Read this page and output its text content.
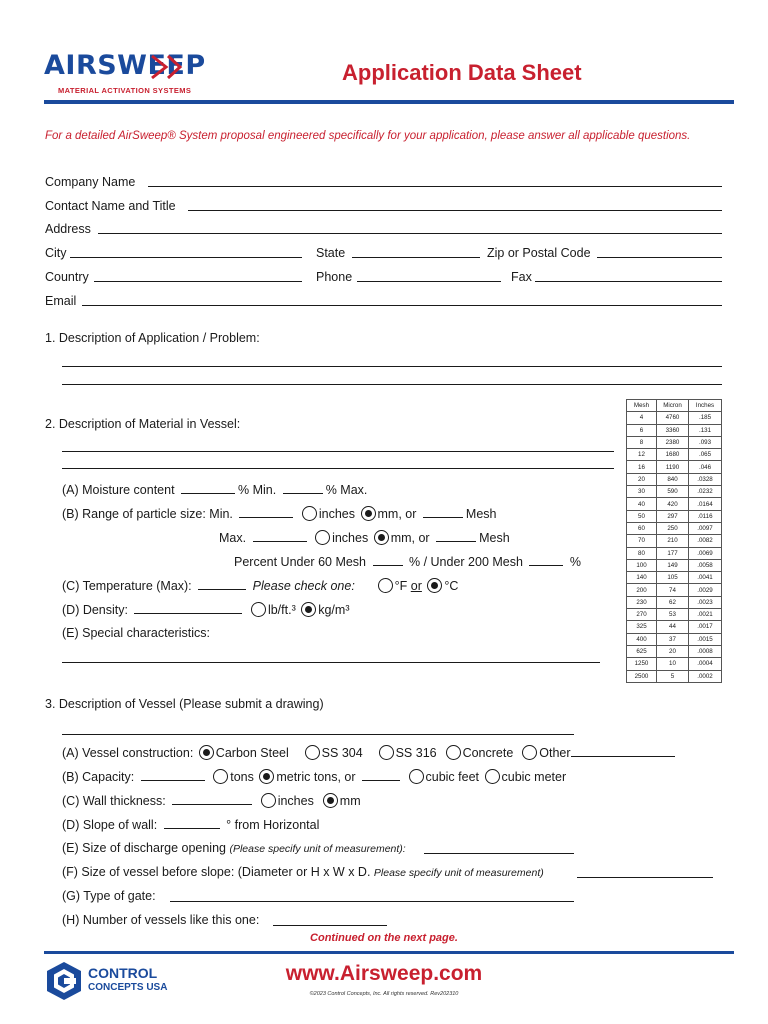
AIRSWEEP
MATERIAL ACTIVATION SYSTEMS
Application Data Sheet
For a detailed AirSweep® System proposal engineered specifically for your application, please answer all applicable questions.
Company Name
Contact Name and Title
Address
City	State	Zip or Postal Code
Country	Phone	Fax
Email
1. Description of Application / Problem:
2. Description of Material in Vessel:
(A) Moisture content	% Min.	% Max.
(B) Range of particle size: Min.	inches mm, or	Mesh
Max.	inches mm, or	Mesh
Percent Under 60 Mesh	% / Under 200 Mesh	%
(C) Temperature (Max):	Please check one:	°F or °C
(D) Density:	lb/ft.³ kg/m³
(E) Special characteristics:
Mesh	Micron	Inches
4	4760	.185
6	3360	.131
8	2380	.093
12	1680	.065
16	1190	.046
20	840	.0328
30	590	.0232
40	420	.0164
50	297	.0116
60	250	.0097
70	210	.0082
80	177	.0069
100	149	.0058
140	105	.0041
200	74	.0029
230	62	.0023
270	53	.0021
325	44	.0017
400	37	.0015
625	20	.0008
1250	10	.0004
2500	5	.0002
3. Description of Vessel (Please submit a drawing)
(A) Vessel construction: Carbon Steel	SS 304	SS 316 Concrete Other
(B) Capacity:	tons metric tons, or	cubic feet cubic meter
(C) Wall thickness:	inches mm
(D) Slope of wall:	° from Horizontal
(E) Size of discharge opening (Please specify unit of measurement):
(F) Size of vessel before slope: (Diameter or H x W x D. Please specify unit of measurement)
(G) Type of gate:
(H) Number of vessels like this one:
Continued on the next page.
CONTROL
CONCEPTS USA
www.Airsweep.com
©2023 Control Concepts, Inc. All rights reserved. Rev202310
